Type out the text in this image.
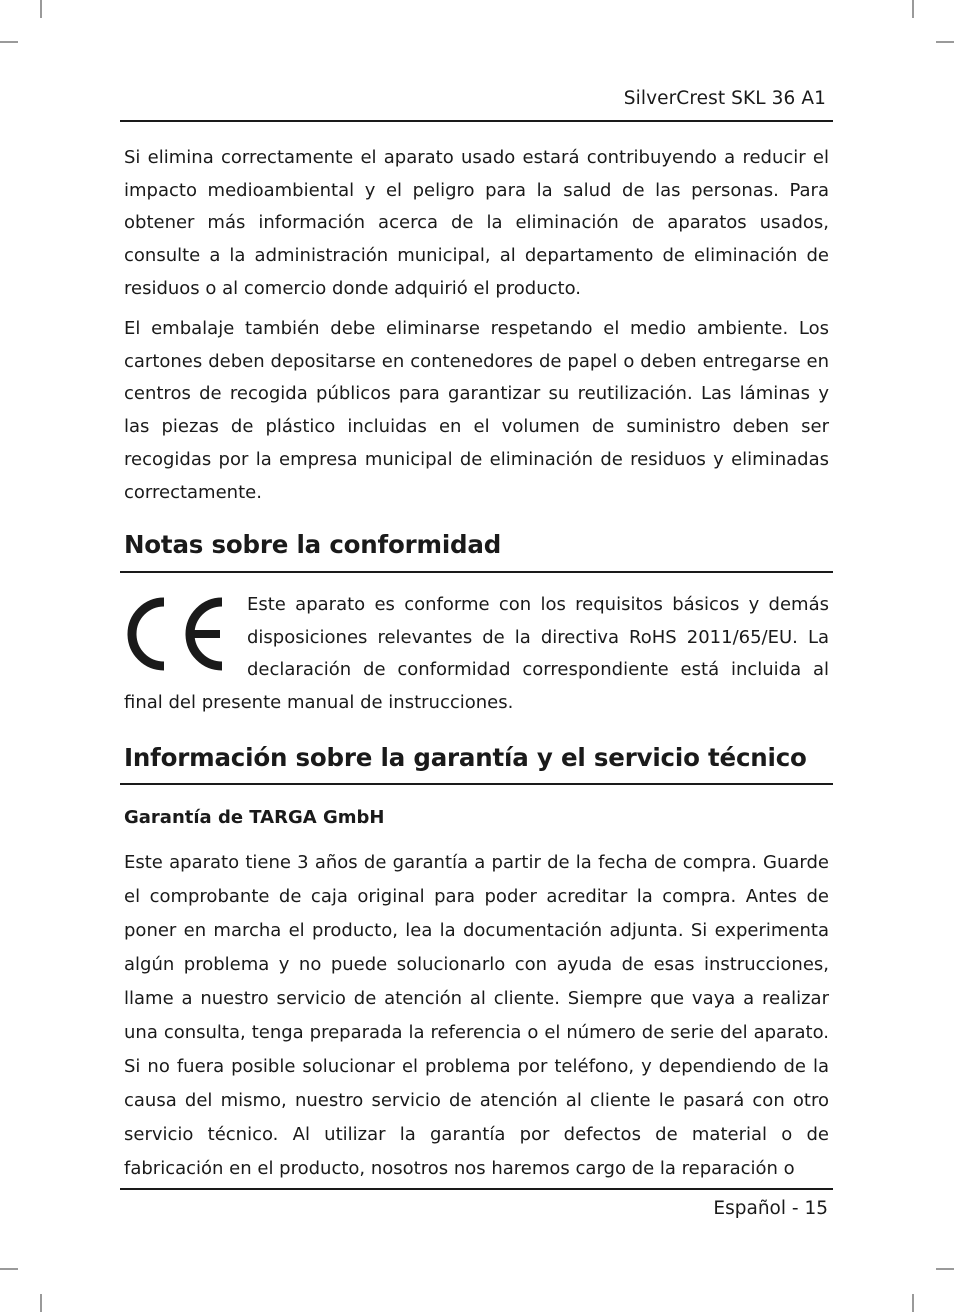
SilverCrest SKL 36 A1

Si elimina correctamente el aparato usado estará contribuyendo a reducir el impacto medioambiental y el peligro para la salud de las personas. Para obtener más información acerca de la eliminación de aparatos usados, consulte a la administración municipal, al departamento de eliminación de residuos o al comercio donde adquirió el producto.

El embalaje también debe eliminarse respetando el medio ambiente. Los cartones deben depositarse en contenedores de papel o deben entregarse en centros de recogida públicos para garantizar su reutilización. Las láminas y las piezas de plástico incluidas en el volumen de suministro deben ser recogidas por la empresa municipal de eliminación de residuos y eliminadas correctamente.

Notas sobre la conformidad
Este aparato es conforme con los requisitos básicos y demás
disposiciones relevantes de la directiva RoHS 2011/65/EU. La
declaración de conformidad correspondiente está incluida al
final del presente manual de instrucciones.
Información sobre la garantía y el servicio técnico
Garantía de TARGA GmbH

Este aparato tiene 3 años de garantía a partir de la fecha de compra. Guarde el comprobante de caja original para poder acreditar la compra. Antes de poner en marcha el producto, lea la documentación adjunta. Si experimenta algún problema y no puede solucionarlo con ayuda de esas instrucciones, llame a nuestro servicio de atención al cliente. Siempre que vaya a realizar una consulta, tenga preparada la referencia o el número de serie del aparato. Si no fuera posible solucionar el problema por teléfono, y dependiendo de la causa del mismo, nuestro servicio de atención al cliente le pasará con otro servicio técnico. Al utilizar la garantía por defectos de material o de fabricación en el producto, nosotros nos haremos cargo de la reparación o

Español - 15
